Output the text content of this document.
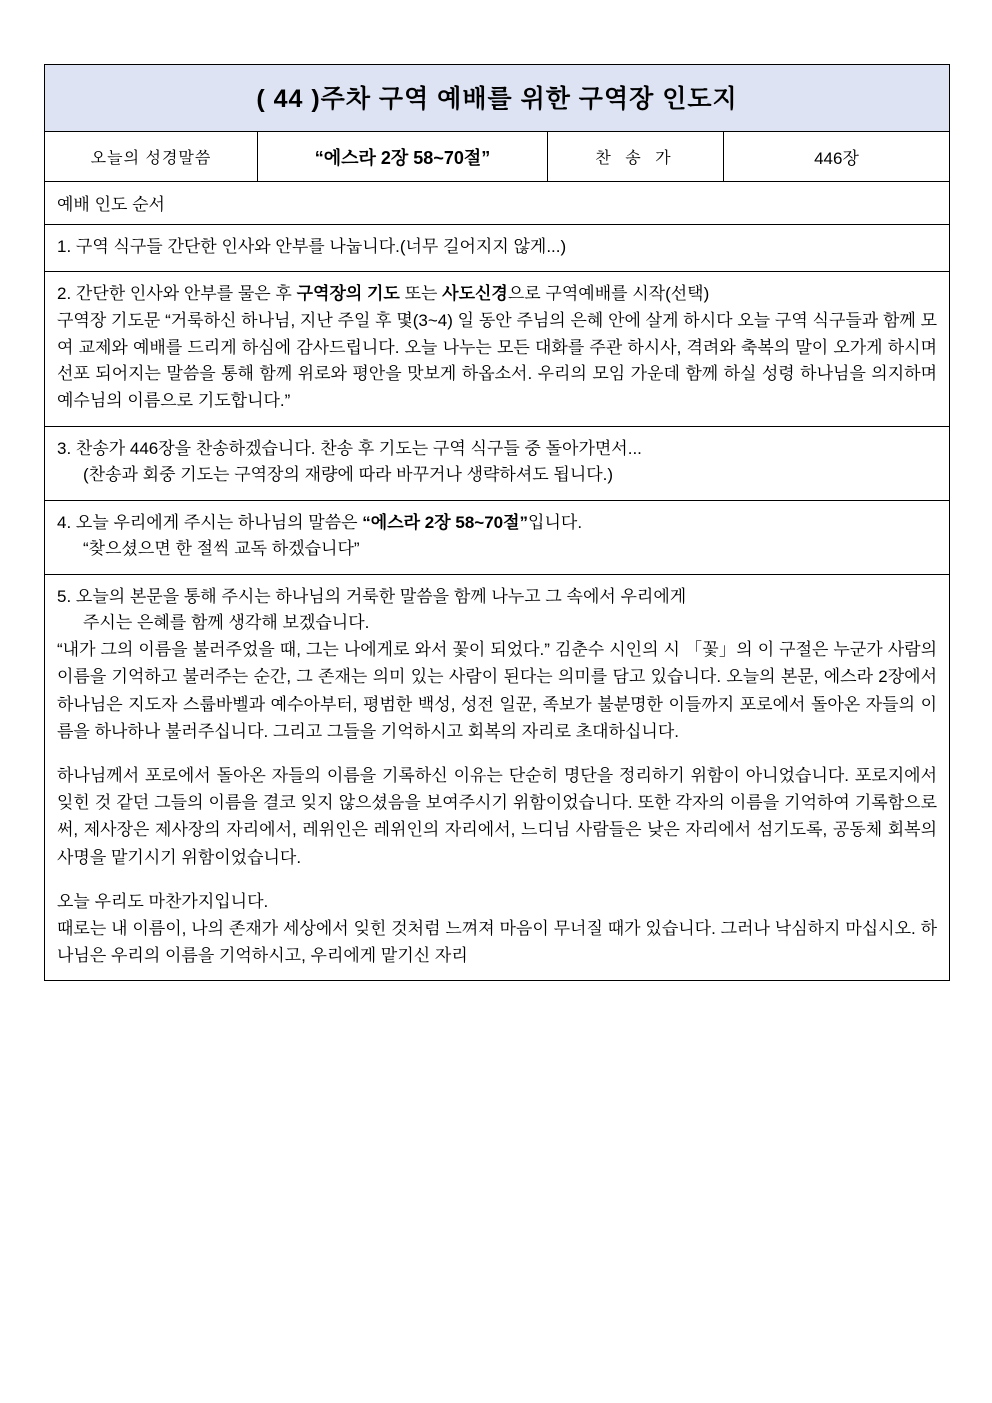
( 44 )주차 구역 예배를 위한 구역장 인도지
오늘의 성경말씀	“에스라 2장 58~70절”	찬 송 가	446장
예배 인도 순서

1. 구역 식구들 간단한 인사와 안부를 나눕니다.(너무 길어지지 않게...)

2. 간단한 인사와 안부를 물은 후 구역장의 기도 또는 사도신경으로 구역예배를 시작(선택)

구역장 기도문 “거룩하신 하나님, 지난 주일 후 몇(3~4) 일 동안 주님의 은혜 안에 살게 하시다 오늘 구역 식구들과 함께 모여 교제와 예배를 드리게 하심에 감사드립니다. 오늘 나누는 모든 대화를 주관 하시사, 격려와 축복의 말이 오가게 하시며 선포 되어지는 말씀을 통해 함께 위로와 평안을 맛보게 하옵소서. 우리의 모임 가운데 함께 하실 성령 하나님을 의지하며 예수님의 이름으로 기도합니다.”

3. 찬송가 446장을 찬송하겠습니다. 찬송 후 기도는 구역 식구들 중 돌아가면서...

(찬송과 회중 기도는 구역장의 재량에 따라 바꾸거나 생략하셔도 됩니다.)

4. 오늘 우리에게 주시는 하나님의 말씀은 “에스라 2장 58~70절”입니다.

“찾으셨으면 한 절씩 교독 하겠습니다”

5. 오늘의 본문을 통해 주시는 하나님의 거룩한 말씀을 함께 나누고 그 속에서 우리에게

주시는 은혜를 함께 생각해 보겠습니다.

“내가 그의 이름을 불러주었을 때, 그는 나에게로 와서 꽃이 되었다.” 김춘수 시인의 시 「꽃」의 이 구절은 누군가 사람의 이름을 기억하고 불러주는 순간, 그 존재는 의미 있는 사람이 된다는 의미를 담고 있습니다. 오늘의 본문, 에스라 2장에서 하나님은 지도자 스룹바벨과 예수아부터, 평범한 백성, 성전 일꾼, 족보가 불분명한 이들까지 포로에서 돌아온 자들의 이름을 하나하나 불러주십니다. 그리고 그들을 기억하시고 회복의 자리로 초대하십니다.

하나님께서 포로에서 돌아온 자들의 이름을 기록하신 이유는 단순히 명단을 정리하기 위함이 아니었습니다. 포로지에서 잊힌 것 같던 그들의 이름을 결코 잊지 않으셨음을 보여주시기 위함이었습니다. 또한 각자의 이름을 기억하여 기록함으로써, 제사장은 제사장의 자리에서, 레위인은 레위인의 자리에서, 느디님 사람들은 낮은 자리에서 섬기도록, 공동체 회복의 사명을 맡기시기 위함이었습니다.

오늘 우리도 마찬가지입니다.

때로는 내 이름이, 나의 존재가 세상에서 잊힌 것처럼 느껴져 마음이 무너질 때가 있습니다. 그러나 낙심하지 마십시오. 하나님은 우리의 이름을 기억하시고, 우리에게 맡기신 자리
